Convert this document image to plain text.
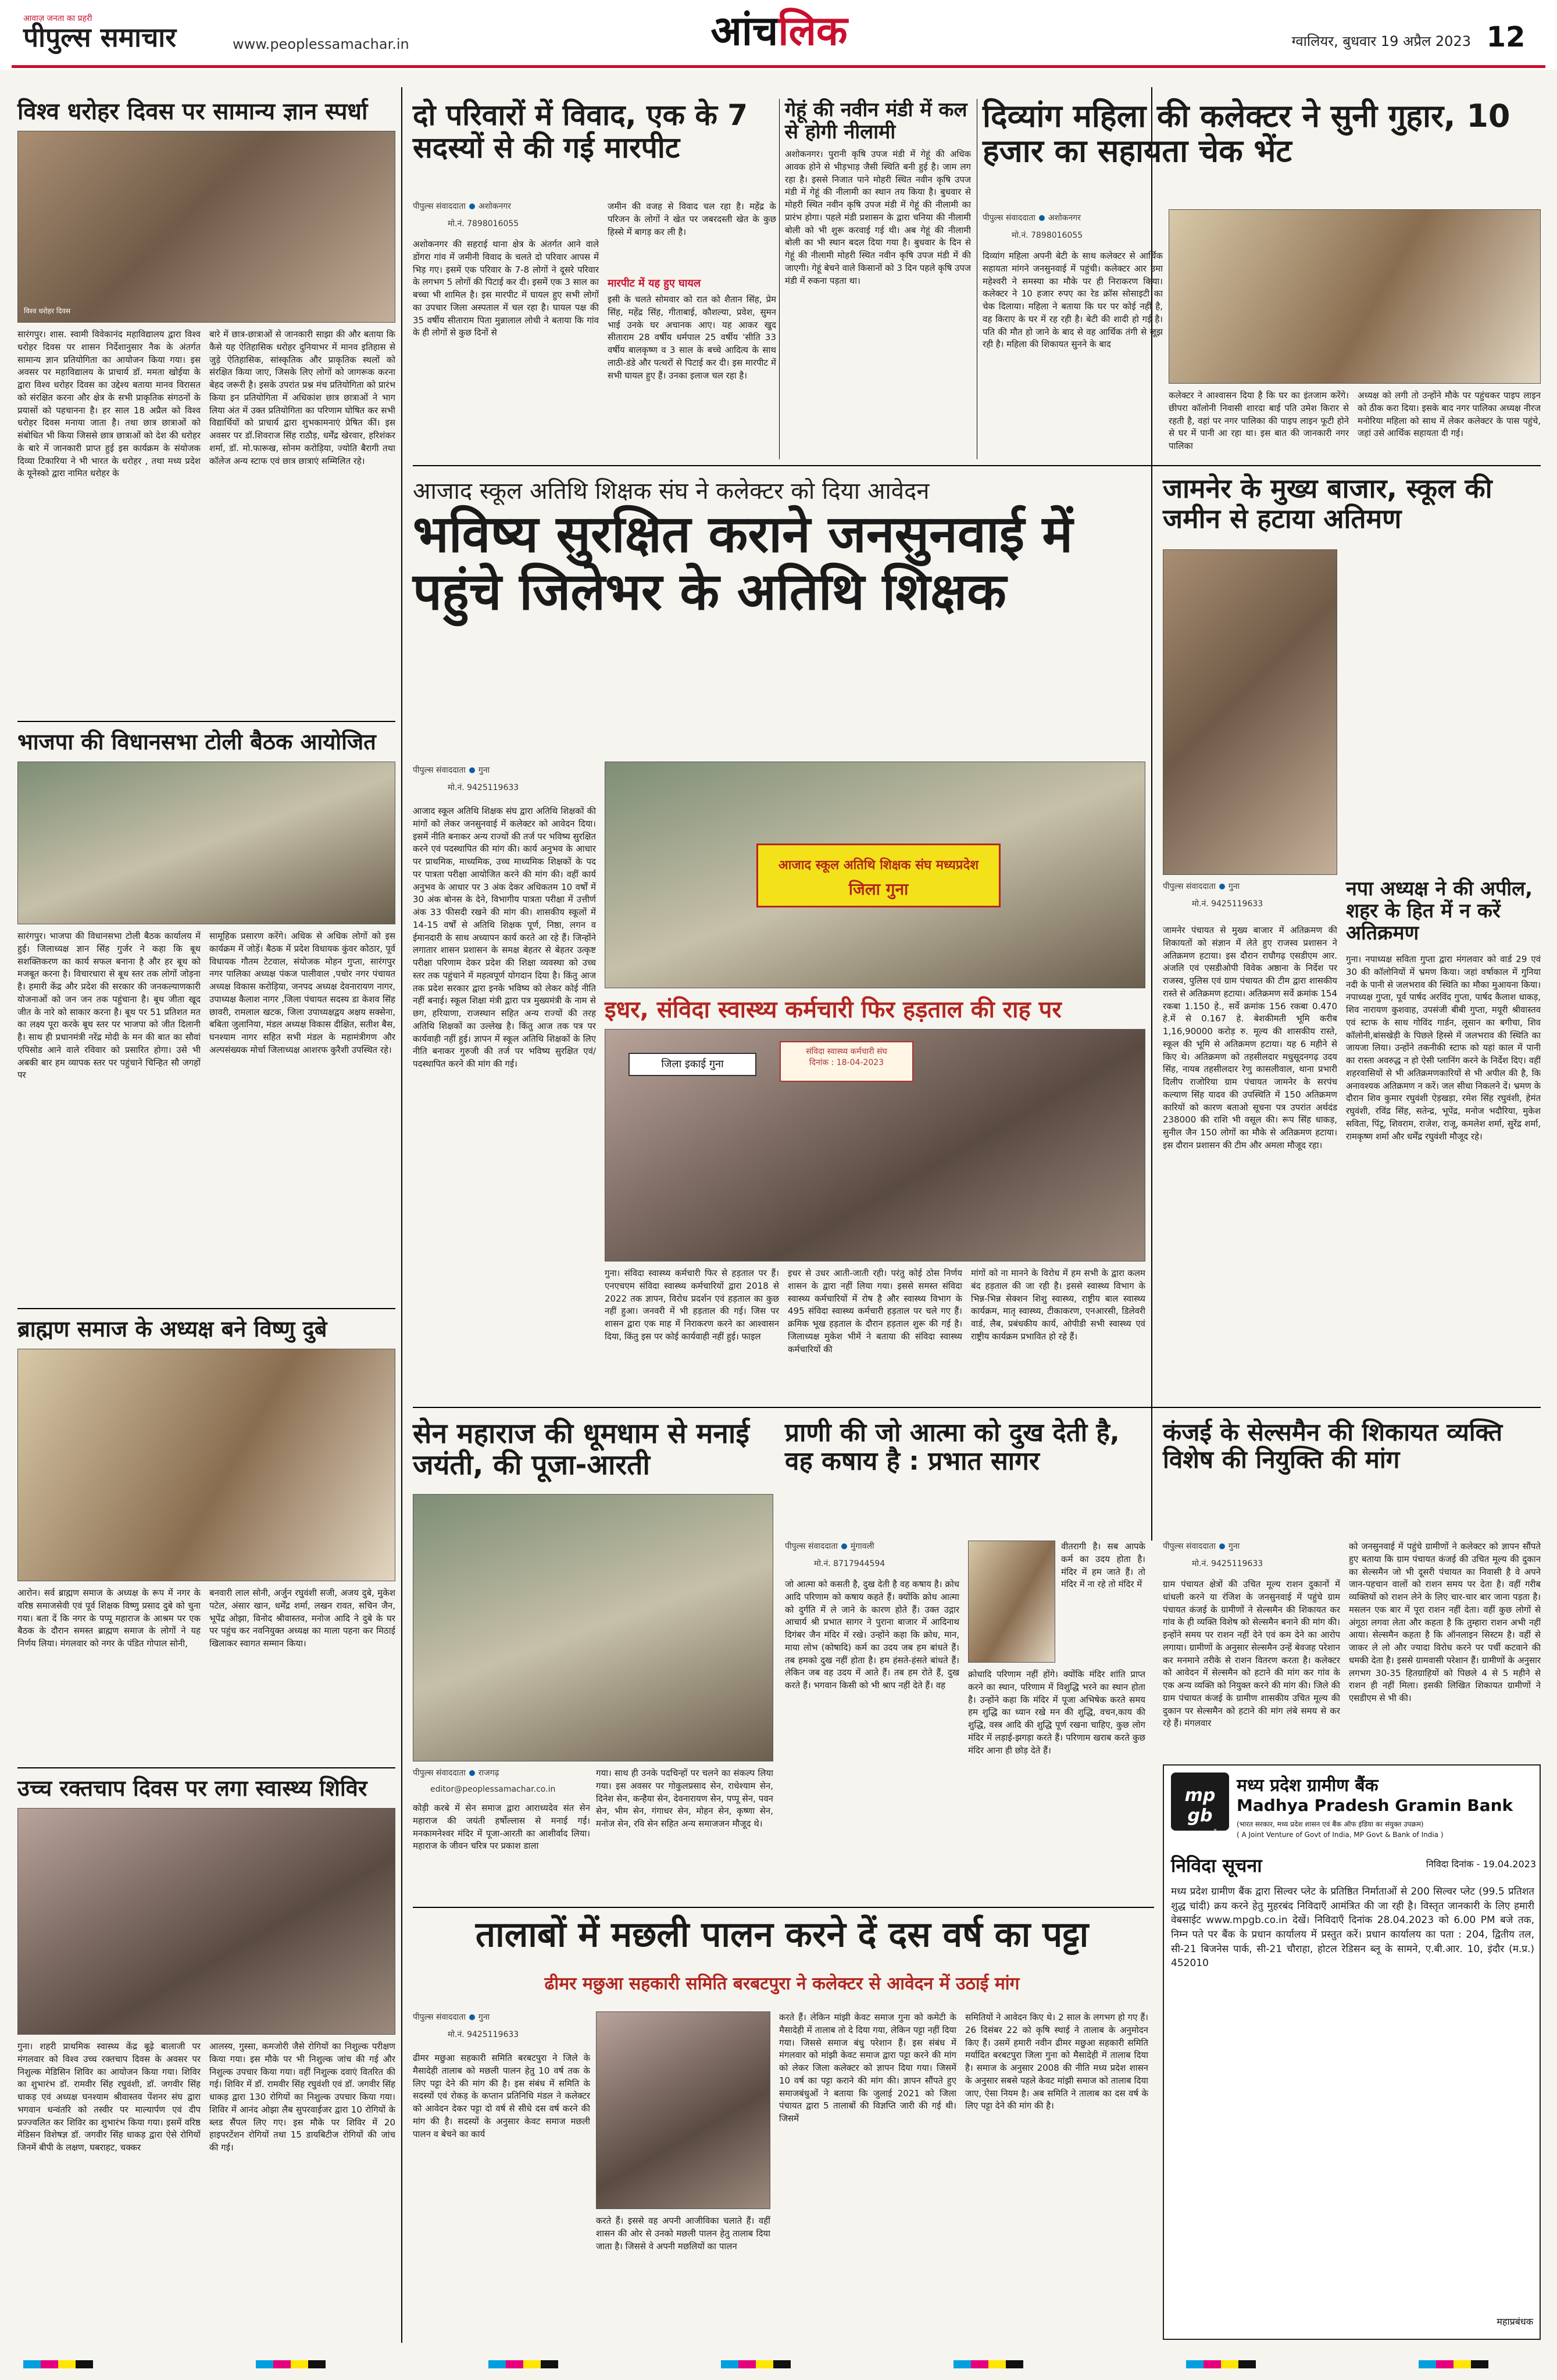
आवाज़ जनता का प्रहरी
पीपुल्स समाचार	www.peoplessamachar.in	आंचलिक	ग्वालियर, बुधवार 19 अप्रैल 2023 12
विश्व धरोहर दिवस पर सामान्य ज्ञान स्पर्धा
विश्व धरोहर दिवस
सारंगपुर। शास. स्वामी विवेकानंद महाविद्यालय द्वारा विश्व धरोहर दिवस पर शासन निर्देशानुसार नैक के अंतर्गत सामान्य ज्ञान प्रतियोगिता का आयोजन किया गया। इस अवसर पर महाविद्यालय के प्राचार्य डॉ. ममता खोईया के द्वारा विश्व धरोहर दिवस का उद्देश्य बताया मानव विरासत को संरक्षित करना और क्षेत्र के सभी प्राकृतिक संगठनों के प्रयासों को पहचानना है। हर साल 18 अप्रैल को विश्व धरोहर दिवस मनाया जाता है। तथा छात्र छात्राओं को संबोधित भी किया जिससे छात्र छात्राओं को देश की धरोहर के बारे में जानकारी प्राप्त हुई इस कार्यक्रम के संयोजक दिव्या टिकारिया ने भी भारत के धरोहर , तथा मध्य प्रदेश के यूनेस्को द्वारा नामित धरोहर के
बारे में छात्र-छात्राओं से जानकारी साझा की और बताया कि कैसे यह ऐतिहासिक धरोहर दुनियाभर में मानव इतिहास से जुड़े ऐतिहासिक, सांस्कृतिक और प्राकृतिक स्थलों को संरक्षित किया जाए, जिसके लिए लोगों को जागरूक करना बेहद जरूरी है। इसके उपरांत प्रश्न मंच प्रतियोगिता को प्रारंभ किया इन प्रतियोगिता में अधिकांश छात्र छात्राओं ने भाग लिया अंत में उक्त प्रतियोगिता का परिणाम घोषित कर सभी विद्यार्थियों को प्राचार्य द्वारा शुभकामनाएं प्रेषित कीं। इस अवसर पर डॉ.शिवराज सिंह राठौड़, धर्मेंद्र खेरवार, हरिशंकर शर्मा, डॉ. मो.फारूख, सोनम करोड़िया, ज्योति बैरागी तथा कॉलेज अन्य स्टाफ एवं छात्र छात्राएं सम्मिलित रहे।
भाजपा की विधानसभा टोली बैठक आयोजित
सारंगपुर। भाजपा की विधानसभा टोली बैठक कार्यालय में हुई। जिलाध्यक्ष ज्ञान सिंह गुर्जर ने कहा कि बूथ सशक्तिकरण का कार्य सफल बनाना है और हर बूथ को मजबूत करना है। विचारधारा से बूथ स्तर तक लोगों जोड़ना है। हमारी केंद्र और प्रदेश की सरकार की जनकल्याणकारी योजनाओं को जन जन तक पहुंचाना है। बूथ जीता खूद जीत के नारे को साकार करना है। बूथ पर 51 प्रतिशत मत का लक्ष्य पूरा करके बूथ स्तर पर भाजपा को जीत दिलानी है। साथ ही प्रधानमंत्री नरेंद्र मोदी के मन की बात का सौवां एपिसोड आने वाले रविवार को प्रसारित होगा। उसे भी अबकी बार हम व्यापक स्तर पर पहुंचाने चिन्हित सौ जगहों पर
सामूहिक प्रसारण करेंगे। अधिक से अधिक लोगों को इस कार्यक्रम में जोड़ें। बैठक में प्रदेश विधायक कुंवर कोठार, पूर्व विधायक गौतम टेटवाल, संयोजक मोहन गुप्ता, सारंगपुर नगर पालिका अध्यक्ष पंकज पालीवाल ,पचोर नगर पंचायत अध्यक्ष विकास करोड़िया, जनपद अध्यक्ष देवनारायण नागर, उपाध्यक्ष कैलाश नागर ,जिला पंचायत सदस्य डा केशव सिंह छावरी, रामलाल खटक, जिला उपाध्यक्षद्वय अक्षय सक्सेना, बबिता जुलानिया, मंडल अध्यक्ष विकास दीक्षित, सतीश बैस, घनश्याम नागर सहित सभी मंडल के महामंत्रीगण और अल्पसंख्यक मोर्चा जिलाध्यक्ष आशरफ कुरैशी उपस्थित रहे।
ब्राह्मण समाज के अध्यक्ष बने विष्णु दुबे
आरोन। सर्व ब्राह्मण समाज के अध्यक्ष के रूप में नगर के वरिष्ठ समाजसेवी एवं पूर्व शिक्षक विष्णु प्रसाद दुबे को चुना गया। बता दें कि नगर के पप्पू महाराज के आश्रम पर एक बैठक के दौरान समस्त ब्राह्मण समाज के लोगों ने यह निर्णय लिया। मंगलवार को नगर के पंडित गोपाल सोनी,
बनवारी लाल सोनी, अर्जुन रघुवंशी सजी, अजय दुबे, मुकेश पटेल, अंसार खान, धर्मेंद्र शर्मा, लखन रावत, सचिन जैन, भूपेंद्र ओझा, विनोद श्रीवास्तव, मनोज आदि ने दुबे के घर पर पहुंच कर नवनियुक्त अध्यक्ष का माला पहना कर मिठाई खिलाकर स्वागत सम्मान किया।
उच्च रक्तचाप दिवस पर लगा स्वास्थ्य शिविर
गुना। शहरी प्राथमिक स्वास्थ्य केंद्र बूढ़े बालाजी पर मंगलवार को विश्व उच्च रक्तचाप दिवस के अवसर पर निशुल्क मेडिसिन शिविर का आयोजन किया गया। शिविर का शुभारंभ डॉ. रामवीर सिंह रघुवंशी, डॉ. जगवीर सिंह धाकड़ एवं अध्यक्ष घनश्याम श्रीवास्तव पेंशनर संघ द्वारा भगवान धन्वंतरि को तस्वीर पर माल्यार्पण एवं दीप प्रज्ज्वलित कर शिविर का शुभारंभ किया गया। इसमें वरिष्ठ मेडिसन विशेषज्ञ डॉ. जगवीर सिंह धाकड़ द्वारा ऐसे रोगियों जिनमें बीपी के लक्षण, घबराहट, चक्कर
आलस्य, गुस्सा, कमजोरी जैसे रोगियों का निशुल्क परीक्षण किया गया। इस मौके पर भी निशुल्क जांच की गई और निशुल्क उपचार किया गया। वहीं निशुल्क दवाएं वितरित की गई। शिविर में डॉ. रामवीर सिंह रघुवंशी एवं डॉ. जगवीर सिंह धाकड़ द्वारा 130 रोगियों का निशुल्क उपचार किया गया। शिविर में आनंद ओझा लैब सुपरवाईजर द्वारा 10 रोगियों के ब्लड सैंपल लिए गए। इस मौके पर शिविर में 20 हाइपरटेंशन रोगियों तथा 15 डायबिटीज रोगियों की जांच की गई।
दो परिवारों में विवाद, एक के 7 सदस्यों से की गई मारपीट
पीपुल्स संवाददाता अशोकनगर
मो.नं. 7898016055
अशोकनगर की सहराई थाना क्षेत्र के अंतर्गत आने वाले डोंगरा गांव में जमीनी विवाद के चलते दो परिवार आपस में भिड़ गए। इसमें एक परिवार के 7-8 लोगों ने दूसरे परिवार के लगभग 5 लोगों की पिटाई कर दी। इसमें एक 3 साल का बच्चा भी शामिल है। इस मारपीट में घायल हुए सभी लोगों का उपचार जिला अस्पताल में चल रहा है। घायल पक्ष की 35 वर्षीय सीताराम पिता मुन्नालाल लोधी ने बताया कि गांव के ही लोगों से कुछ दिनों से
जमीन की वजह से विवाद चल रहा है। महेंद्र के परिजन के लोगों ने खेत पर जबरदस्ती खेत के कुछ हिस्से में बागड़ कर ली है।
मारपीट में यह हुए घायल
इसी के चलते सोमवार को रात को शैतान सिंह, प्रेम सिंह, महेंद्र सिंह, गीताबाई, कौशल्या, प्रवेश, सुमन भाई उनके घर अचानक आए। यह आकर खुद सीताराम 28 वर्षीय धर्मपाल 25 वर्षीय 'सीति 33 वर्षीय बालकृष्ण व 3 साल के बच्चे आदित्य के साथ लाठी-डंडे और पत्थरों से पिटाई कर दी। इस मारपीट में सभी घायल हुए हैं। उनका इलाज चल रहा है।
गेहूं की नवीन मंडी में कल से होगी नीलामी
अशोकनगर। पुरानी कृषि उपज मंडी में गेहूं की अधिक आवक होने से भीड़भाड़ जैसी स्थिति बनी हुई है। जाम लग रहा है। इससे निजात पाने मोहरी स्थित नवीन कृषि उपज मंडी में गेहूं की नीलामी का स्थान तय किया है। बुधवार से मोहरी स्थित नवीन कृषि उपज मंडी में गेहूं की नीलामी का प्रारंभ होगा। पहले मंडी प्रशासन के द्वारा चनिया की नीलामी बोली को भी शुरू करवाई गई थी। अब गेहूं की नीलामी बोली का भी स्थान बदल दिया गया है। बुधवार के दिन से गेहूं की नीलामी मोहरी स्थित नवीन कृषि उपज मंडी में की जाएगी। गेहूं बेचने वाले किसानों को 3 दिन पहले कृषि उपज मंडी में रुकना पड़ता था।
दिव्यांग महिला की कलेक्टर ने सुनी गुहार, 10 हजार का सहायता चेक भेंट
पीपुल्स संवाददाता अशोकनगर
मो.नं. 7898016055
दिव्यांग महिला अपनी बेटी के साथ कलेक्टर से आर्थिक सहायता मांगने जनसुनवाई में पहुंची। कलेक्टर आर उमा महेश्वरी ने समस्या का मौके पर ही निराकरण किया। कलेक्टर ने 10 हजार रुपए का रेड क्रॉस सोसाइटी का चेक दिलाया। महिला ने बताया कि घर पर कोई नहीं है, वह किराए के घर में रह रही है। बेटी की शादी हो गई है। पति की मौत हो जाने के बाद से वह आर्थिक तंगी से जूझ रही है। महिला की शिकायत सुनने के बाद
कलेक्टर ने आश्वासन दिया है कि घर का इंतजाम करेंगे। छीपरा कॉलोनी निवासी शारदा बाई पति उमेश किरार से रहती है, वहां पर नगर पालिका की पाइप लाइन फूटी होने से घर में पानी आ रहा था। इस बात की जानकारी नगर पालिका
अध्यक्ष को लगी तो उन्होंने मौके पर पहुंचकर पाइप लाइन को ठीक करा दिया। इसके बाद नगर पालिका अध्यक्ष नीरज मनोरिया महिला को साथ में लेकर कलेक्टर के पास पहुंचे, जहां उसे आर्थिक सहायता दी गई।
आजाद स्कूल अतिथि शिक्षक संघ ने कलेक्टर को दिया आवेदन
भविष्य सुरक्षित कराने जनसुनवाई में पहुंचे जिलेभर के अतिथि शिक्षक
पीपुल्स संवाददाता गुना
मो.नं. 9425119633
आजाद स्कूल अतिथि शिक्षक संघ द्वारा अतिथि शिक्षकों की मांगों को लेकर जनसुनवाई में कलेक्टर को आवेदन दिया। इसमें नीति बनाकर अन्य राज्यों की तर्ज पर भविष्य सुरक्षित करने एवं पदस्थापित की मांग की। कार्य अनुभव के आधार पर प्राथमिक, माध्यमिक, उच्च माध्यमिक शिक्षकों के पद पर पात्रता परीक्षा आयोजित करने की मांग की। वहीं कार्य अनुभव के आधार पर 3 अंक देकर अधिकतम 10 वर्षों में 30 अंक बोनस के देने, विभागीय पात्रता परीक्षा में उत्तीर्ण अंक 33 फीसदी रखने की मांग की। शासकीय स्कूलों में 14-15 वर्षों से अतिथि शिक्षक पूर्ण, निष्ठा, लगन व ईमानदारी के साथ अध्यापन कार्य करते आ रहे हैं। जिन्होंने लगातार शासन प्रशासन के समक्ष बेहतर से बेहतर उत्कृष्ट परीक्षा परिणाम देकर प्रदेश की शिक्षा व्यवस्था को उच्च स्तर तक पहुंचाने में महत्वपूर्ण योगदान दिया है। किंतु आज तक प्रदेश सरकार द्वारा इनके भविष्य को लेकर कोई नीति नहीं बनाई। स्कूल शिक्षा मंत्री द्वारा पत्र मुख्यमंत्री के नाम से छग, हरियाणा, राजस्थान सहित अन्य राज्यों की तरह अतिथि शिक्षकों का उल्लेख है। किंतु आज तक पत्र पर कार्यवाही नहीं हुई। ज्ञापन में स्कूल अतिथि शिक्षकों के लिए नीति बनाकर गुरुजी की तर्ज पर भविष्य सुरक्षित एवं/ पदस्थापित करने की मांग की गई।
आजाद स्कूल अतिथि शिक्षक संघ मध्यप्रदेश
जिला गुना
इधर, संविदा स्वास्थ्य कर्मचारी फिर हड़ताल की राह पर
संविदा स्वास्थ्य कर्मचारी संघ
दिनांक : 18-04-2023
जिला इकाई गुना
गुना। संविदा स्वास्थ्य कर्मचारी फिर से हड़ताल पर हैं। एनएचएम संविदा स्वास्थ्य कर्मचारियों द्वारा 2018 से 2022 तक ज्ञापन, विरोध प्रदर्शन एवं हड़ताल का कुछ नहीं हुआ। जनवरी में भी हड़ताल की गई। जिस पर शासन द्वारा एक माह में निराकरण करने का आश्वासन दिया, किंतु इस पर कोई कार्यवाही नहीं हुई। फाइल
इधर से उधर आती-जाती रही। परंतु कोई ठोस निर्णय शासन के द्वारा नहीं लिया गया। इससे समस्त संविदा स्वास्थ्य कर्मचारियों में रोष है और स्वास्थ्य विभाग के 495 संविदा स्वास्थ्य कर्मचारी हड़ताल पर चले गए हैं। क्रमिक भूख हड़ताल के दौरान हड़ताल शुरू की गई है। जिलाध्यक्ष मुकेश भीमें ने बताया की संविदा स्वास्थ्य कर्मचारियों की
मांगों को ना मानने के विरोध में हम सभी के द्वारा कलम बंद हड़ताल की जा रही है। इससे स्वास्थ्य विभाग के भिन्न-भिन्न सेक्शन शिशु स्वास्थ्य, राष्ट्रीय बाल स्वास्थ्य कार्यक्रम, मातृ स्वास्थ्य, टीकाकरण, एनआरसी, डिलेवरी वार्ड, लैब, प्रबंधकीय कार्य, ओपीडी सभी स्वास्थ्य एवं राष्ट्रीय कार्यक्रम प्रभावित हो रहे हैं।
जामनेर के मुख्य बाजार, स्कूल की जमीन से हटाया अतिमण
पीपुल्स संवाददाता गुना
मो.नं. 9425119633
जामनेर पंचायत से मुख्य बाजार में अतिक्रमण की शिकायतों को संज्ञान में लेते हुए राजस्व प्रशासन ने अतिक्रमण हटाया। इस दौरान राघौगढ़ एसडीएम आर. अंजलि एवं एसडीओपी विवेक अष्ठाना के निर्देश पर राजस्व, पुलिस एवं ग्राम पंचायत की टीम द्वारा शासकीय रास्ते से अतिक्रमण हटाया। अतिक्रमण सर्वे क्रमांक 154 रकबा 1.150 हे., सर्वे क्रमांक 156 रकबा 0.470 हे.में से 0.167 हे. बेशकीमती भूमि करीब 1,16,90000 करोड़ रु. मूल्य की शासकीय रास्ते, स्कूल की भूमि से अतिक्रमण हटाया। यह 6 महीने से किए थे। अतिक्रमण को तहसीलदार मधुसूदनगढ़ उदय सिंह, नायब तहसीलदार रेणु कासलीवाल, थाना प्रभारी दिलीप राजोरिया ग्राम पंचायत जामनेर के सरपंच कल्याण सिंह यादव की उपस्थिति में 150 अतिक्रमण कारियों को कारण बताओ सूचना पत्र उपरांत अर्थदंड 238000 की राशि भी वसूल की। रूप सिंह धाकड़, सुनील जैन 150 लोगों का मौके से अतिक्रमण हटाया। इस दौरान प्रशासन की टीम और अमला मौजूद रहा।
नपा अध्यक्ष ने की अपील, शहर के हित में न करें अतिक्रमण
गुना। नपाध्यक्ष सविता गुप्ता द्वारा मंगलवार को वार्ड 29 एवं 30 की कॉलोनियों में भ्रमण किया। जहां वर्षाकाल में गुनिया नदी के पानी से जलभराव की स्थिति का मौका मुआयना किया। नपाध्यक्ष गुप्ता, पूर्व पार्षद अरविंद गुप्ता, पार्षद कैलाश धाकड़, शिव नारायण कुशवाह, उपसंजी बीबी गुप्ता, मयूरी श्रीवास्तव एवं स्टाफ के साथ गोविंद गार्डन, लूसान का बगीचा, शिव कॉलोनी,बांसखेड़ी के पिछले हिस्से में जलभराव की स्थिति का जायजा लिया। उन्होंने तकनीकी स्टाफ को यहां काल में पानी का रास्ता अवरुद्ध न हो ऐसी प्लानिंग करने के निर्देश दिए। वहीं शहरवासियों से भी अतिक्रमणकारियों से भी अपील की है, कि अनावश्यक अतिक्रमण न करें। जल सीधा निकलने दें। भ्रमण के दौरान शिव कुमार रघुवंशी ऐड़खड़ा, रमेश सिंह रघुवंशी, हेमंत रघुवंशी, रविंद्र सिंह, सतेन्द्र, भूपेंद्र, मनोज भदौरिया, मुकेश सविता, पिंटू, शिवराम, राजेश, राजू, कमलेश शर्मा, सुरेंद्र शर्मा, रामकृष्ण शर्मा और धर्मेंद्र रघुवंशी मौजूद रहे।
सेन महाराज की धूमधाम से मनाई जयंती, की पूजा-आरती
पीपुल्स संवाददाता राजगढ़
editor@peoplessamachar.co.in
कोड़ी करबे में सेन समाज द्वारा आराध्यदेव संत सेन महाराज की जयंती हर्षोल्लास से मनाई गई। मनकामनेश्वर मंदिर में पूजा-आरती का आशीर्वाद लिया। महाराज के जीवन चरित्र पर प्रकाश डाला
गया। साथ ही उनके पदचिन्हों पर चलने का संकल्प लिया गया। इस अवसर पर गोकुलप्रसाद सेन, राधेश्याम सेन, दिनेश सेन, कन्हैया सेन, देवनारायण सेन, पप्पू सेन, पवन सेन, भीम सेन, गंगाधर सेन, मोहन सेन, कृष्णा सेन, मनोज सेन, रवि सेन सहित अन्य समाजजन मौजूद थे।
प्राणी की जो आत्मा को दुख देती है, वह कषाय है : प्रभात सागर
पीपुल्स संवाददाता मुंगावली
मो.नं. 8717944594
वीतरागी है। सब आपके कर्म का उदय होता है। मंदिर में हम जाते हैं। तो मंदिर में ना रहे तो मंदिर में
जो आत्मा को कसती है, दुख देती है वह कषाय है। क्रोध आदि परिणाम को कषाय कहते हैं। क्योंकि क्रोध आत्मा को दुर्गति में ले जाने के कारण होते हैं। उक्त उद्गार आचार्य श्री प्रभात सागर ने पुराना बाजार में आदिनाथ दिगंबर जैन मंदिर में रखे। उन्होंने कहा कि क्रोध, मान, माया लोभ (कोषादि) कर्म का उदय जब हम बांधते हैं। तब हमको दुख नहीं होता है। हम हंसते-हंसते बांधते हैं। लेकिन जब वह उदय में आते हैं। तब हम रोते हैं, दुख करते हैं। भगवान किसी को भी श्राप नहीं देते हैं। वह
क्रोधादि परिणाम नहीं होंगे। क्योंकि मंदिर शांति प्राप्त करने का स्थान, परिणाम में विशुद्धि भरने का स्थान होता है। उन्होंने कहा कि मंदिर में पूजा अभिषेक करते समय हम शुद्धि का ध्यान रखे मन की शुद्धि, वचन,काय की शुद्धि, वस्त्र आदि की शुद्धि पूर्ण रखना चाहिए, कुछ लोग मंदिर में लड़ाई-झगड़ा करते हैं। परिणाम खराब करते कुछ मंदिर आना ही छोड़ देते हैं।
कंजई के सेल्समैन की शिकायत व्यक्ति विशेष की नियुक्ति की मांग
पीपुल्स संवाददाता गुना
मो.नं. 9425119633
ग्राम पंचायत क्षेत्रों की उचित मूल्य राशन दुकानों में धांधली करने या रंजिश के जनसुनवाई में पहुंचे ग्राम पंचायत कंजई के ग्रामीणों ने सेल्समैन की शिकायत कर गांव के ही व्यक्ति विशेष को सेल्समैन बनाने की मांग की। इन्होंने समय पर राशन नहीं देने एवं कम देने का आरोप लगाया। ग्रामीणों के अनुसार सेल्समैन उन्हें बेवजह परेशान कर मनमाने तरीके से राशन वितरण करता है। कलेक्टर को आवेदन में सेल्समैन को हटाने की मांग कर गांव के एक अन्य व्यक्ति को नियुक्त करने की मांग की। जिले की ग्राम पंचायत कंजई के ग्रामीण शासकीय उचित मूल्य की दुकान पर सेल्समैन को हटाने की मांग लंबे समय से कर रहे हैं। मंगलवार
को जनसुनवाई में पहुंचे ग्रामीणों ने कलेक्टर को ज्ञापन सौंपते हुए बताया कि ग्राम पंचायत कंजई की उचित मूल्य की दुकान का सेल्समैन जो भी दूसरी पंचायत का निवासी है वे अपने जान-पहचान वालों को राशन समय पर देता है। वहीं गरीब व्यक्तियों को राशन लेने के लिए चार-चार बार जाना पड़ता है। मसलन एक बार में पूरा राशन नहीं देता। वहीं कुछ लोगों से अंगूठा लगवा लेता और कहता है कि तुम्हारा राशन अभी नहीं आया। सेल्समैन कहता है कि ऑनलाइन सिस्टम है। वहीं से जाकर ले लो और ज्यादा विरोध करने पर पर्ची कटवाने की धमकी देता है। इससे ग्रामवासी परेशान हैं। ग्रामीणों के अनुसार लगभग 30-35 हितग्राहियों को पिछले 4 से 5 महीने से राशन ही नहीं मिला। इसकी लिखित शिकायत ग्रामीणों ने एसडीएम से भी की।
तालाबों में मछली पालन करने दें दस वर्ष का पट्टा
ढीमर मछुआ सहकारी समिति बरबटपुरा ने कलेक्टर से आवेदन में उठाई मांग
पीपुल्स संवाददाता गुना
मो.नं. 9425119633
ढीमर मछुआ सहकारी समिति बरबटपुरा ने जिले के मैसादेही तालाब को मछली पालन हेतु 10 वर्ष तक के लिए पट्टा देने की मांग की है। इस संबंध में समिति के सदस्यों एवं रोकड़ के कप्तान प्रतिनिधि मंडल ने कलेक्टर को आवेदन देकर पट्टा दो वर्ष से सीधे दस वर्ष करने की मांग की है। सदस्यों के अनुसार केवट समाज मछली पालन व बेचने का कार्य
करते हैं। इससे वह अपनी आजीविका चलाते हैं। वहीं शासन की ओर से उनको मछली पालन हेतु तालाब दिया जाता है। जिससे वे अपनी मछलियों का पालन
करते हैं। लेकिन मांझी केवट समाज गुना को कमेटी के मैसादेही में तालाब तो दे दिया गया, लेकिन पट्टा नहीं दिया गया। जिससे समाज बंधु परेशान हैं। इस संबंध में मंगलवार को मांझी केवट समाज द्वारा पट्टा करने की मांग को लेकर जिला कलेक्टर को ज्ञापन दिया गया। जिसमें 10 वर्ष का पट्टा कराने की मांग की। ज्ञापन सौंपते हुए समाजबंधुओं ने बताया कि जुलाई 2021 को जिला पंचायत द्वारा 5 तालाबों की विज्ञप्ति जारी की गई थी। जिसमें
समितियों ने आवेदन किए थे। 2 साल के लगभग हो गए हैं। 26 दिसंबर 22 को कृषि स्थाई ने तालाब के अनुमोदन किए हैं। उसमें हमारी नवीन ढीमर मछुआ सहकारी समिति मर्यादित बरबटपुरा जिला गुना को मैसादेही में तालाब दिया है। समाज के अनुसार 2008 की नीति मध्य प्रदेश शासन के अनुसार सबसे पहले केवट मांझी समाज को तालाब दिया जाए, ऐसा नियम है। अब समिति ने तालाब का दस वर्ष के लिए पट्टा देने की मांग की है।
mp gb
आपका अपना बैंक
मध्य प्रदेश ग्रामीण बैंक
Madhya Pradesh Gramin Bank
(भारत सरकार, मध्य प्रदेश शासन एवं बैंक ऑफ इंडिया का संयुक्त उपक्रम)
( A Joint Venture of Govt of India, MP Govt & Bank of India )
निविदा सूचना	निविदा दिनांक - 19.04.2023
मध्य प्रदेश ग्रामीण बैंक द्वारा सिल्वर प्लेट के प्रतिष्ठित निर्माताओं से 200 सिल्वर प्लेट (99.5 प्रतिशत शुद्ध चांदी) क्रय करने हेतु मुहरबंद निविदाएँ आमंत्रित की जा रही है। विस्तृत जानकारी के लिए हमारी वेबसाईट www.mpgb.co.in देखें। निविदाएँ दिनांक 28.04.2023 को 6.00 PM बजे तक, निम्न पते पर बैंक के प्रधान कार्यालय में प्रस्तुत करें। प्रधान कार्यालय का पता : 204, द्वितीय तल, सी-21 बिजनेस पार्क, सी-21 चौराहा, होटल रेडिसन ब्लू के सामने, ए.बी.आर. 10, इंदौर (म.प्र.) 452010
महाप्रबंधक
